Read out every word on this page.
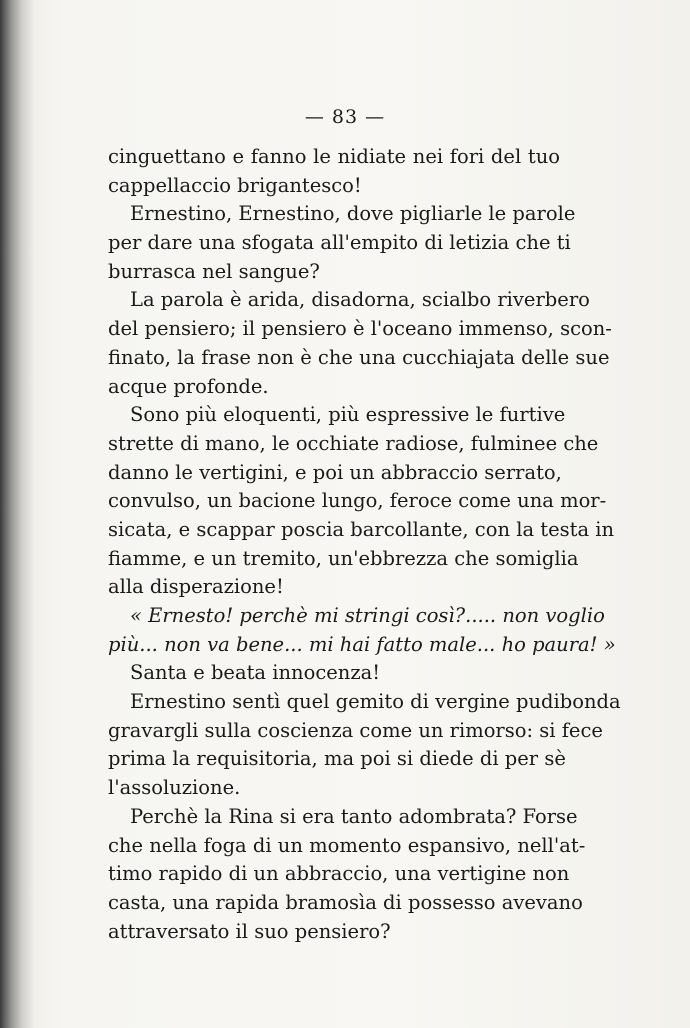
— 83 —
cinguettano e fanno le nidiate nei fori del tuo
cappellaccio brigantesco!
Ernestino, Ernestino, dove pigliarle le parole
per dare una sfogata all'empito di letizia che ti
burrasca nel sangue?
La parola è arida, disadorna, scialbo riverbero
del pensiero; il pensiero è l'oceano immenso, scon-
finato, la frase non è che una cucchiajata delle sue
acque profonde.
Sono più eloquenti, più espressive le furtive
strette di mano, le occhiate radiose, fulminee che
danno le vertigini, e poi un abbraccio serrato,
convulso, un bacione lungo, feroce come una mor-
sicata, e scappar poscia barcollante, con la testa in
fiamme, e un tremito, un'ebbrezza che somiglia
alla disperazione!
« Ernesto! perchè mi stringi così?..... non voglio
più... non va bene... mi hai fatto male... ho paura! »
Santa e beata innocenza!
Ernestino sentì quel gemito di vergine pudibonda
gravargli sulla coscienza come un rimorso: si fece
prima la requisitoria, ma poi si diede di per sè
l'assoluzione.
Perchè la Rina si era tanto adombrata? Forse
che nella foga di un momento espansivo, nell'at-
timo rapido di un abbraccio, una vertigine non
casta, una rapida bramosìa di possesso avevano
attraversato il suo pensiero?
